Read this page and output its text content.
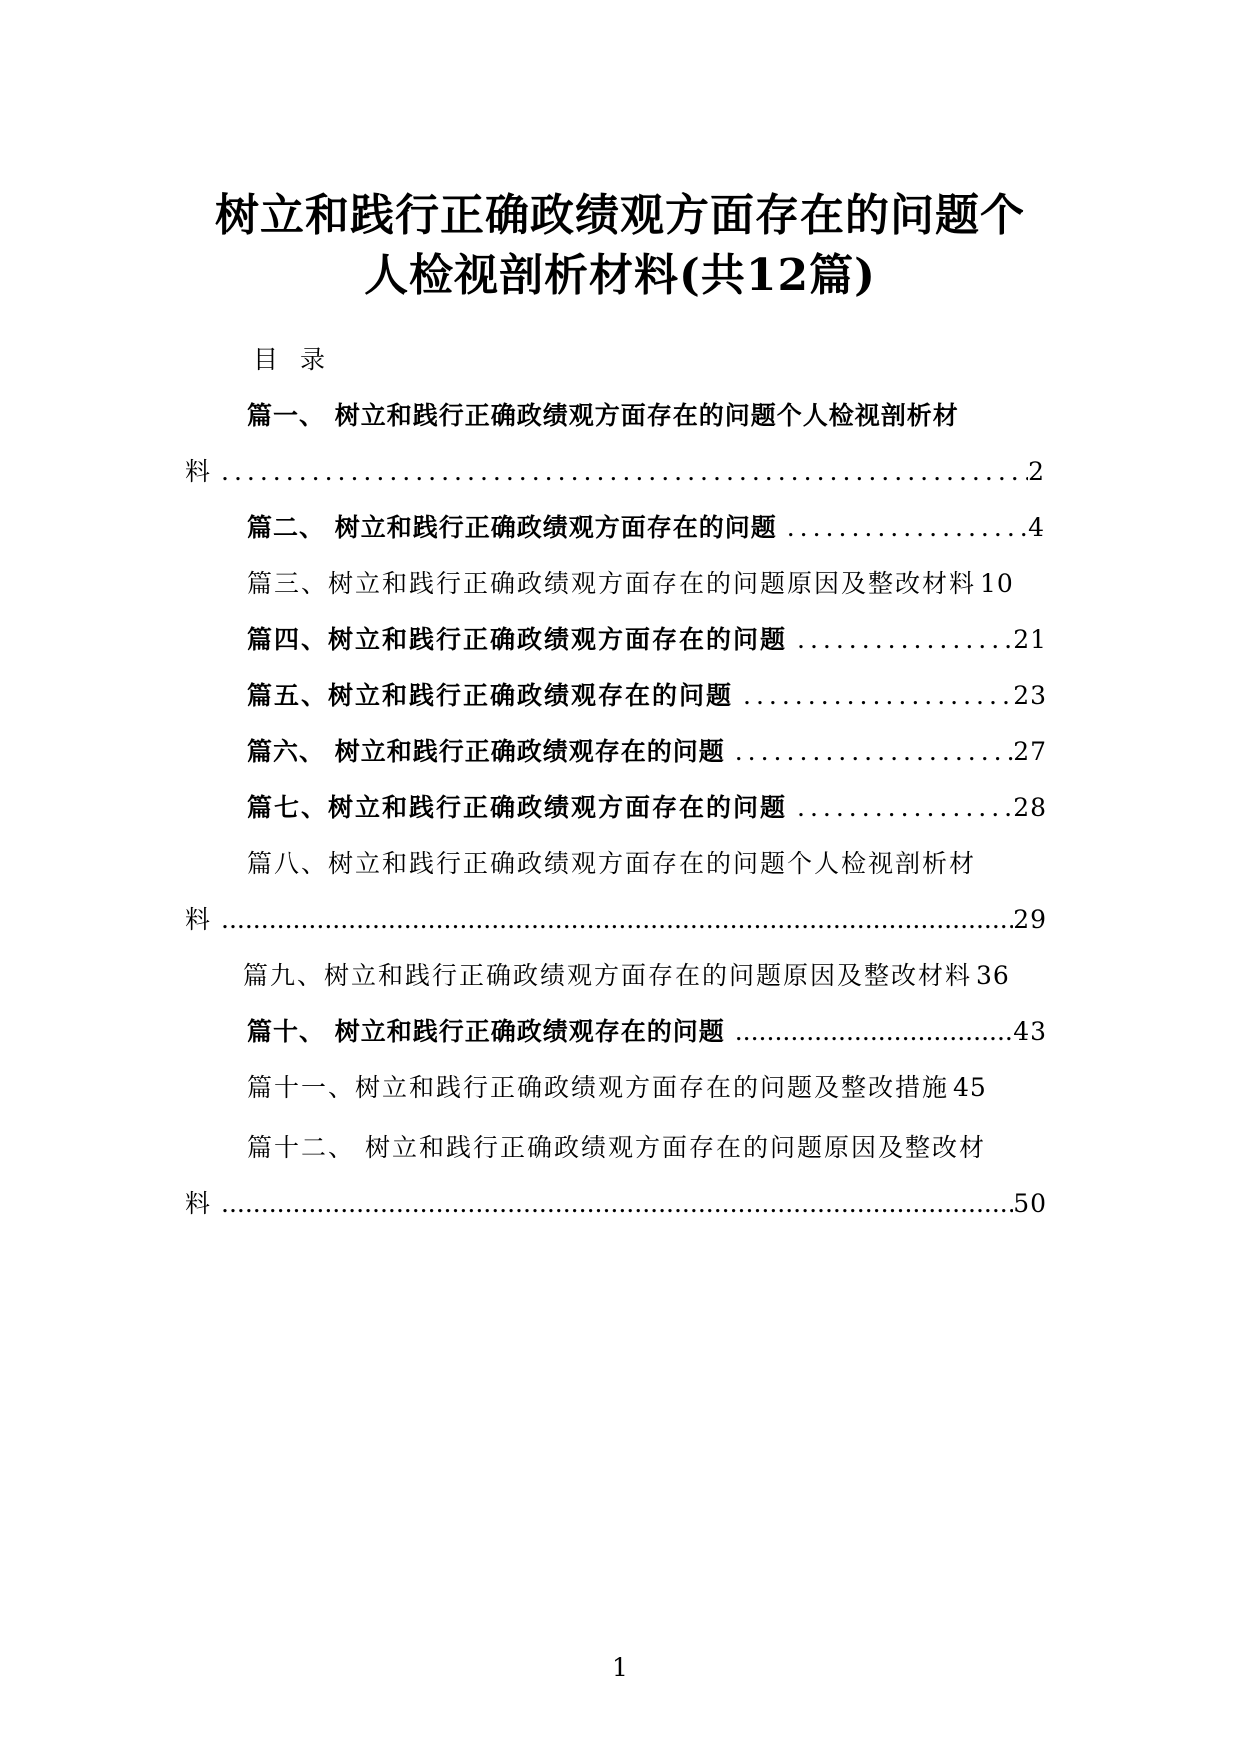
树立和践行正确政绩观方面存在的问题个
人检视剖析材料(共12篇)
目录
篇一、 树立和践行正确政绩观方面存在的问题个人检视剖析材
料 .....	2
篇二、 树立和践行正确政绩观方面存在的问题 .....	4
篇三、树立和践行正确政绩观方面存在的问题原因及整改材料 10
篇四、树立和践行正确政绩观方面存在的问题 .....	21
篇五、树立和践行正确政绩观存在的问题 .....	23
篇六、 树立和践行正确政绩观存在的问题 .....	27
篇七、树立和践行正确政绩观方面存在的问题 .....	28
篇八、树立和践行正确政绩观方面存在的问题个人检视剖析材
料 .....	29
篇九、树立和践行正确政绩观方面存在的问题原因及整改材料 36
篇十、 树立和践行正确政绩观存在的问题 .....	43
篇十一、树立和践行正确政绩观方面存在的问题及整改措施 45
篇十二、 树立和践行正确政绩观方面存在的问题原因及整改材
料 .....	50
1
